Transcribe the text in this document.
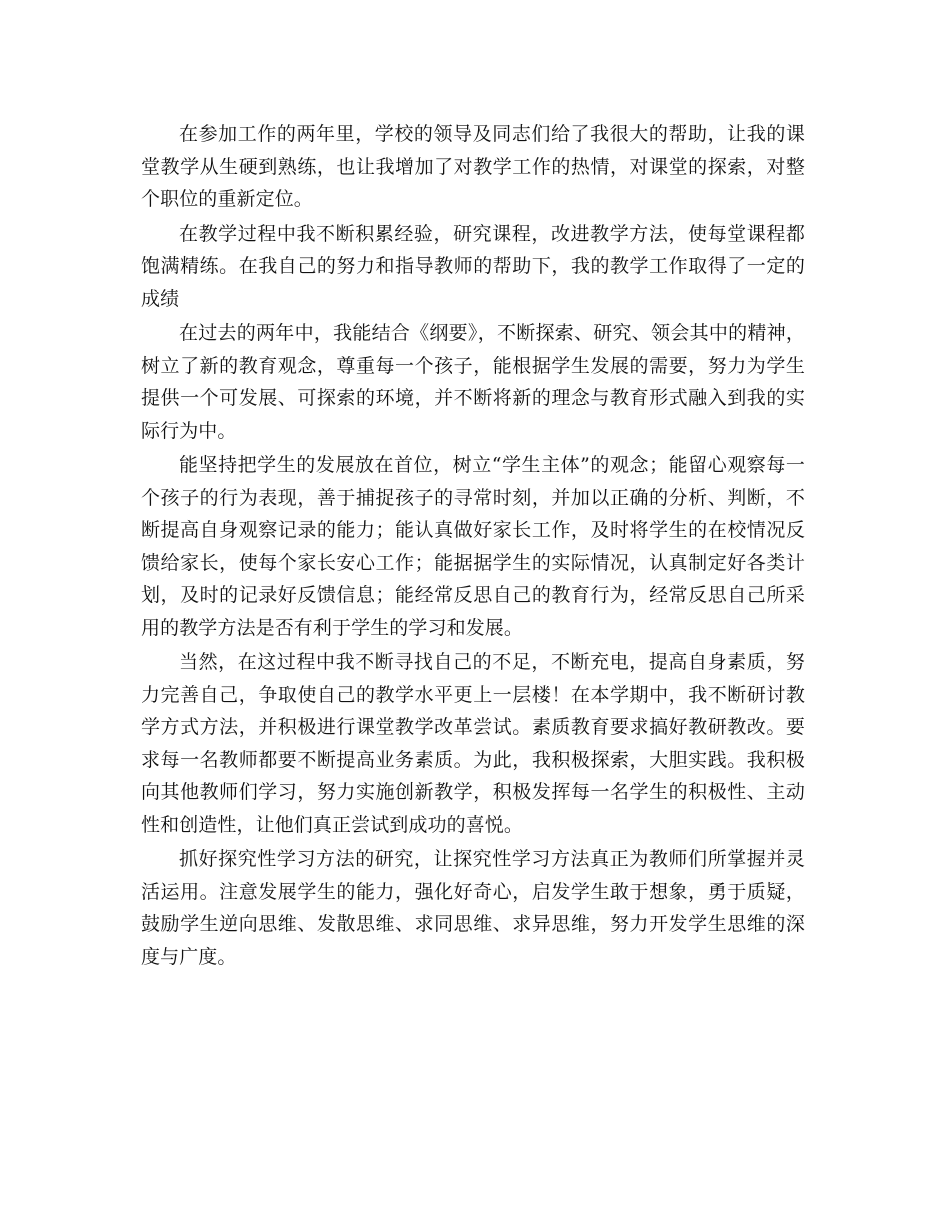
在参加工作的两年里，学校的领导及同志们给了我很大的帮助，让我的课堂教学从生硬到熟练，也让我增加了对教学工作的热情，对课堂的探索，对整个职位的重新定位。

在教学过程中我不断积累经验，研究课程，改进教学方法，使每堂课程都饱满精练。在我自己的努力和指导教师的帮助下，我的教学工作取得了一定的成绩

在过去的两年中，我能结合《纲要》，不断探索、研究、领会其中的精神，树立了新的教育观念，尊重每一个孩子，能根据学生发展的需要，努力为学生提供一个可发展、可探索的环境，并不断将新的理念与教育形式融入到我的实际行为中。

能坚持把学生的发展放在首位，树立“学生主体”的观念；能留心观察每一个孩子的行为表现，善于捕捉孩子的寻常时刻，并加以正确的分析、判断，不断提高自身观察记录的能力；能认真做好家长工作，及时将学生的在校情况反馈给家长，使每个家长安心工作；能据据学生的实际情况，认真制定好各类计划，及时的记录好反馈信息；能经常反思自己的教育行为，经常反思自己所采用的教学方法是否有利于学生的学习和发展。

当然，在这过程中我不断寻找自己的不足，不断充电，提高自身素质，努力完善自己，争取使自己的教学水平更上一层楼！在本学期中，我不断研讨教学方式方法，并积极进行课堂教学改革尝试。素质教育要求搞好教研教改。要求每一名教师都要不断提高业务素质。为此，我积极探索，大胆实践。我积极向其他教师们学习，努力实施创新教学，积极发挥每一名学生的积极性、主动性和创造性，让他们真正尝试到成功的喜悦。

抓好探究性学习方法的研究，让探究性学习方法真正为教师们所掌握并灵活运用。注意发展学生的能力，强化好奇心，启发学生敢于想象，勇于质疑，鼓励学生逆向思维、发散思维、求同思维、求异思维，努力开发学生思维的深度与广度。
